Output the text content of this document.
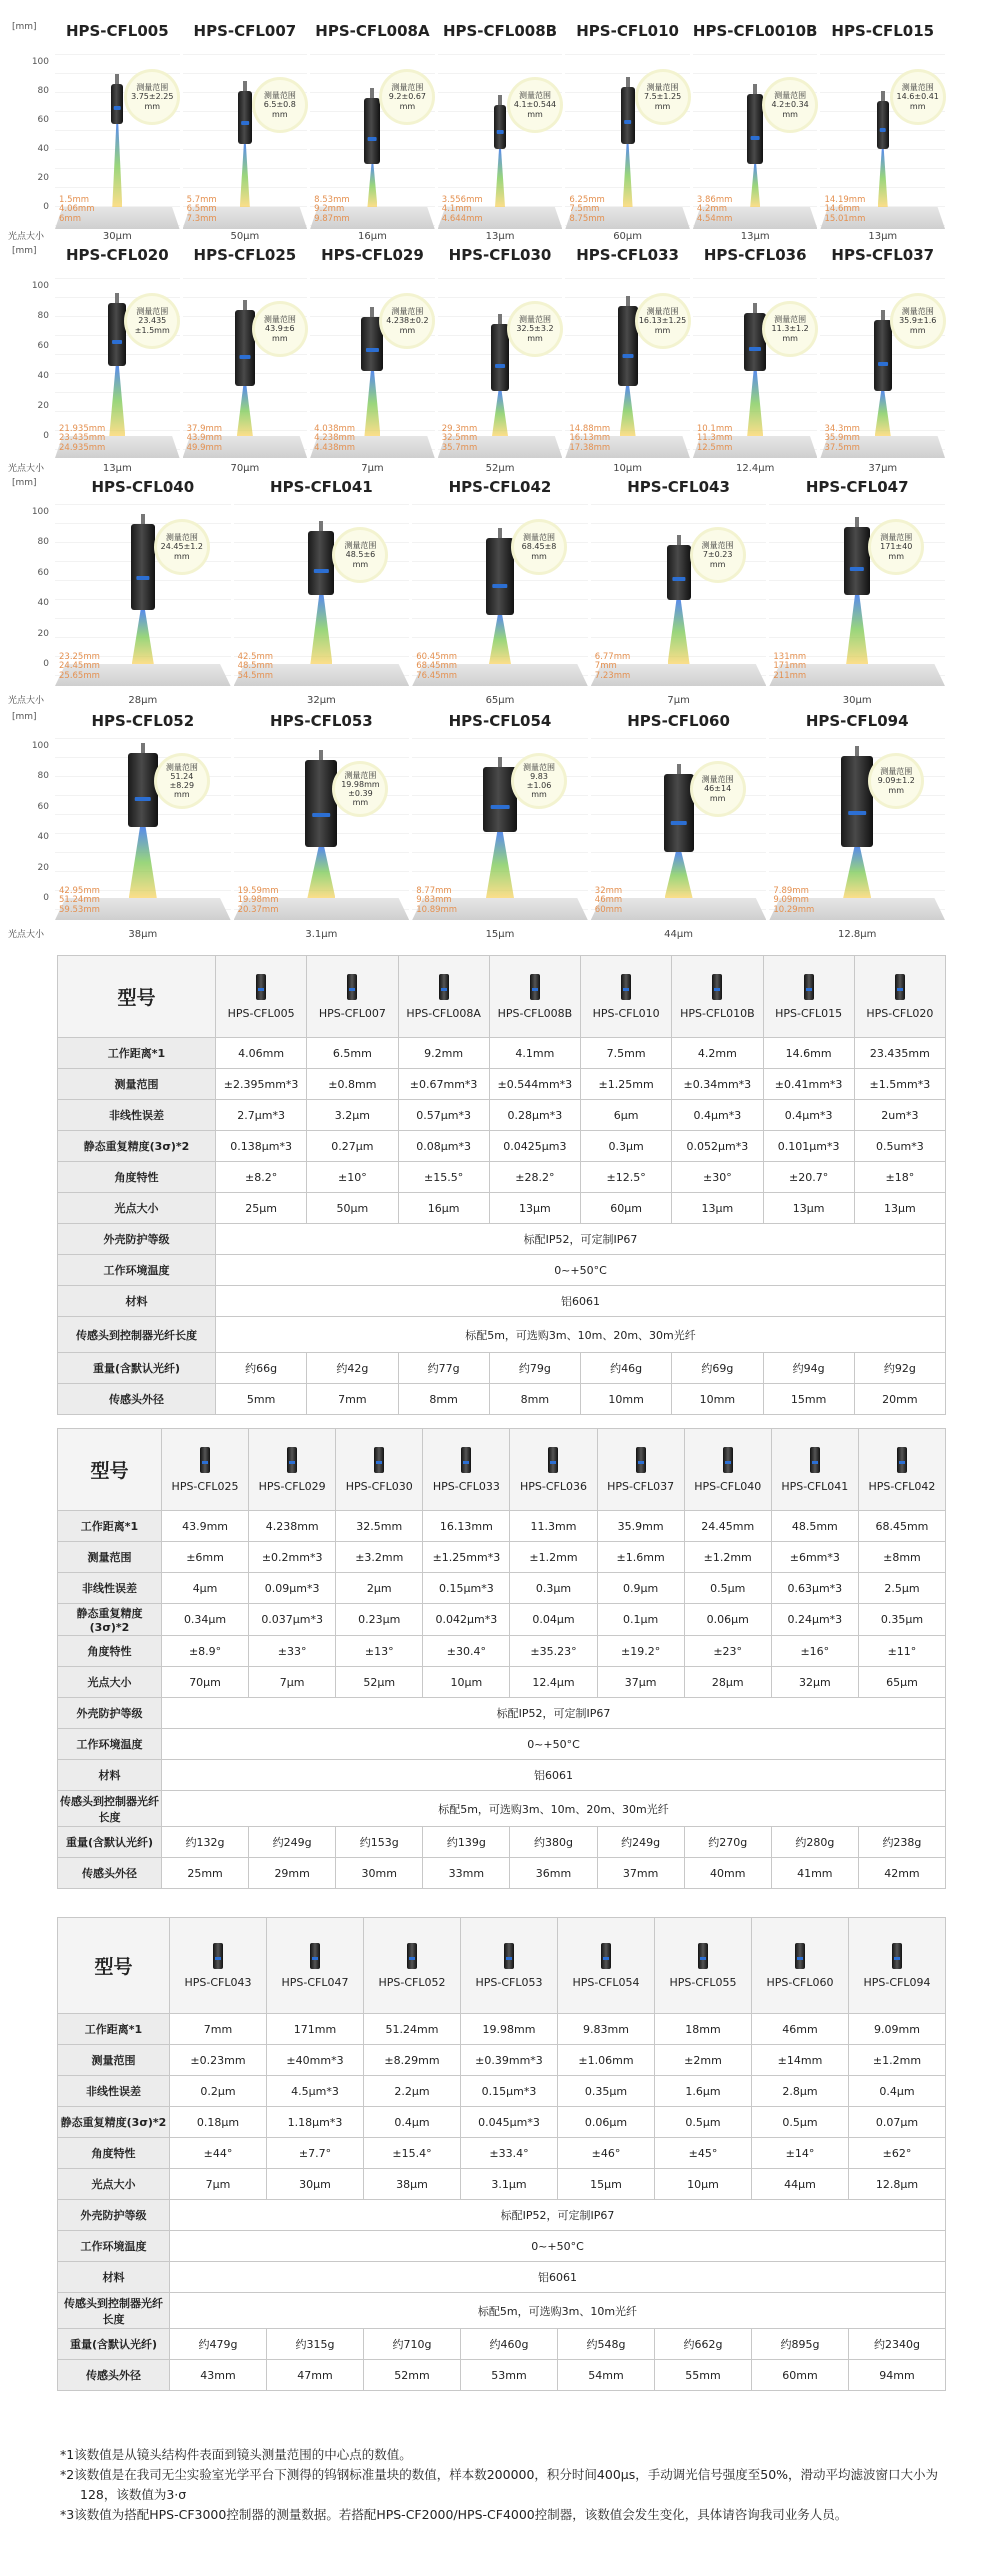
[mm]
100
80
60
40
20
0
光点大小
HPS-CFL005
测量范围
3.75±2.25
mm
1.5mm
4.06mm
6mm
30μm
HPS-CFL007
测量范围
6.5±0.8
mm
5.7mm
6.5mm
7.3mm
50μm
HPS-CFL008A
测量范围
9.2±0.67
mm
8.53mm
9.2mm
9.87mm
16μm
HPS-CFL008B
测量范围
4.1±0.544
mm
3.556mm
4.1mm
4.644mm
13μm
HPS-CFL010
测量范围
7.5±1.25
mm
6.25mm
7.5mm
8.75mm
60μm
HPS-CFL0010B
测量范围
4.2±0.34
mm
3.86mm
4.2mm
4.54mm
13μm
HPS-CFL015
测量范围
14.6±0.41
mm
14.19mm
14.6mm
15.01mm
13μm
[mm]
100
80
60
40
20
0
光点大小
HPS-CFL020
测量范围
23.435
±1.5mm
21.935mm
23.435mm
24.935mm
13μm
HPS-CFL025
测量范围
43.9±6
mm
37.9mm
43.9mm
49.9mm
70μm
HPS-CFL029
测量范围
4.238±0.2
mm
4.038mm
4.238mm
4.438mm
7μm
HPS-CFL030
测量范围
32.5±3.2
mm
29.3mm
32.5mm
35.7mm
52μm
HPS-CFL033
测量范围
16.13±1.25
mm
14.88mm
16.13mm
17.38mm
10μm
HPS-CFL036
测量范围
11.3±1.2
mm
10.1mm
11.3mm
12.5mm
12.4μm
HPS-CFL037
测量范围
35.9±1.6
mm
34.3mm
35.9mm
37.5mm
37μm
[mm]
100
80
60
40
20
0
光点大小
HPS-CFL040
测量范围
24.45±1.2
mm
23.25mm
24.45mm
25.65mm
28μm
HPS-CFL041
测量范围
48.5±6
mm
42.5mm
48.5mm
54.5mm
32μm
HPS-CFL042
测量范围
68.45±8
mm
60.45mm
68.45mm
76.45mm
65μm
HPS-CFL043
测量范围
7±0.23
mm
6.77mm
7mm
7.23mm
7μm
HPS-CFL047
测量范围
171±40
mm
131mm
171mm
211mm
30μm
[mm]
100
80
60
40
20
0
光点大小
HPS-CFL052
测量范围
51.24
±8.29
mm
42.95mm
51.24mm
59.53mm
38μm
HPS-CFL053
测量范围
19.98mm
±0.39
mm
19.59mm
19.98mm
20.37mm
3.1μm
HPS-CFL054
测量范围
9.83
±1.06
mm
8.77mm
9.83mm
10.89mm
15μm
HPS-CFL060
测量范围
46±14
mm
32mm
46mm
60mm
44μm
HPS-CFL094
测量范围
9.09±1.2
mm
7.89mm
9.09mm
10.29mm
12.8μm
型号	HPS-CFL005	HPS-CFL007	HPS-CFL008A	HPS-CFL008B	HPS-CFL010	HPS-CFL010B	HPS-CFL015	HPS-CFL020

工作距离*1	4.06mm	6.5mm	9.2mm	4.1mm	7.5mm	4.2mm	14.6mm	23.435mm
测量范围	±2.395mm*3	±0.8mm	±0.67mm*3	±0.544mm*3	±1.25mm	±0.34mm*3	±0.41mm*3	±1.5mm*3
非线性误差	2.7μm*3	3.2μm	0.57μm*3	0.28μm*3	6μm	0.4μm*3	0.4μm*3	2um*3
静态重复精度(3σ)*2	0.138μm*3	0.27μm	0.08μm*3	0.0425μm3	0.3μm	0.052μm*3	0.101μm*3	0.5um*3
角度特性	±8.2°	±10°	±15.5°	±28.2°	±12.5°	±30°	±20.7°	±18°
光点大小	25μm	50μm	16μm	13μm	60μm	13μm	13μm	13μm
外壳防护等级	标配IP52，可定制IP67							
工作环境温度	0~+50°C							
材料	铝6061							
传感头到控制器光纤长度	标配5m，可选购3m、10m、20m、30m光纤							
重量(含默认光纤)	约66g	约42g	约77g	约79g	约46g	约69g	约94g	约92g
传感头外径	5mm	7mm	8mm	8mm	10mm	10mm	15mm	20mm
型号	HPS-CFL025	HPS-CFL029	HPS-CFL030	HPS-CFL033	HPS-CFL036	HPS-CFL037	HPS-CFL040	HPS-CFL041	HPS-CFL042

工作距离*1	43.9mm	4.238mm	32.5mm	16.13mm	11.3mm	35.9mm	24.45mm	48.5mm	68.45mm
测量范围	±6mm	±0.2mm*3	±3.2mm	±1.25mm*3	±1.2mm	±1.6mm	±1.2mm	±6mm*3	±8mm
非线性误差	4μm	0.09μm*3	2μm	0.15μm*3	0.3μm	0.9μm	0.5μm	0.63μm*3	2.5μm
静态重复精度(3σ)*2	0.34μm	0.037μm*3	0.23μm	0.042μm*3	0.04μm	0.1μm	0.06μm	0.24μm*3	0.35μm
角度特性	±8.9°	±33°	±13°	±30.4°	±35.23°	±19.2°	±23°	±16°	±11°
光点大小	70μm	7μm	52μm	10μm	12.4μm	37μm	28μm	32μm	65μm
外壳防护等级	标配IP52，可定制IP67								
工作环境温度	0~+50°C								
材料	铝6061								
传感头到控制器光纤长度	标配5m，可选购3m、10m、20m、30m光纤								
重量(含默认光纤)	约132g	约249g	约153g	约139g	约380g	约249g	约270g	约280g	约238g
传感头外径	25mm	29mm	30mm	33mm	36mm	37mm	40mm	41mm	42mm
型号	HPS-CFL043	HPS-CFL047	HPS-CFL052	HPS-CFL053	HPS-CFL054	HPS-CFL055	HPS-CFL060	HPS-CFL094

工作距离*1	7mm	171mm	51.24mm	19.98mm	9.83mm	18mm	46mm	9.09mm
测量范围	±0.23mm	±40mm*3	±8.29mm	±0.39mm*3	±1.06mm	±2mm	±14mm	±1.2mm
非线性误差	0.2μm	4.5μm*3	2.2μm	0.15μm*3	0.35μm	1.6μm	2.8μm	0.4μm
静态重复精度(3σ)*2	0.18μm	1.18μm*3	0.4μm	0.045μm*3	0.06μm	0.5μm	0.5μm	0.07μm
角度特性	±44°	±7.7°	±15.4°	±33.4°	±46°	±45°	±14°	±62°
光点大小	7μm	30μm	38μm	3.1μm	15μm	10μm	44μm	12.8μm
外壳防护等级	标配IP52，可定制IP67							
工作环境温度	0~+50°C							
材料	铝6061							
传感头到控制器光纤长度	标配5m，可选购3m、10m光纤							
重量(含默认光纤)	约479g	约315g	约710g	约460g	约548g	约662g	约895g	约2340g
传感头外径	43mm	47mm	52mm	53mm	54mm	55mm	60mm	94mm
*1该数值是从镜头结构件表面到镜头测量范围的中心点的数值。
*2该数值是在我司无尘实验室光学平台下测得的钨钢标准量块的数值，样本数200000，积分时间400μs，手动调光信号强度至50%，滑动平均滤波窗口大小为128，该数值为3·σ
*3该数值为搭配HPS-CF3000控制器的测量数据。若搭配HPS-CF2000/HPS-CF4000控制器，该数值会发生变化，具体请咨询我司业务人员。
